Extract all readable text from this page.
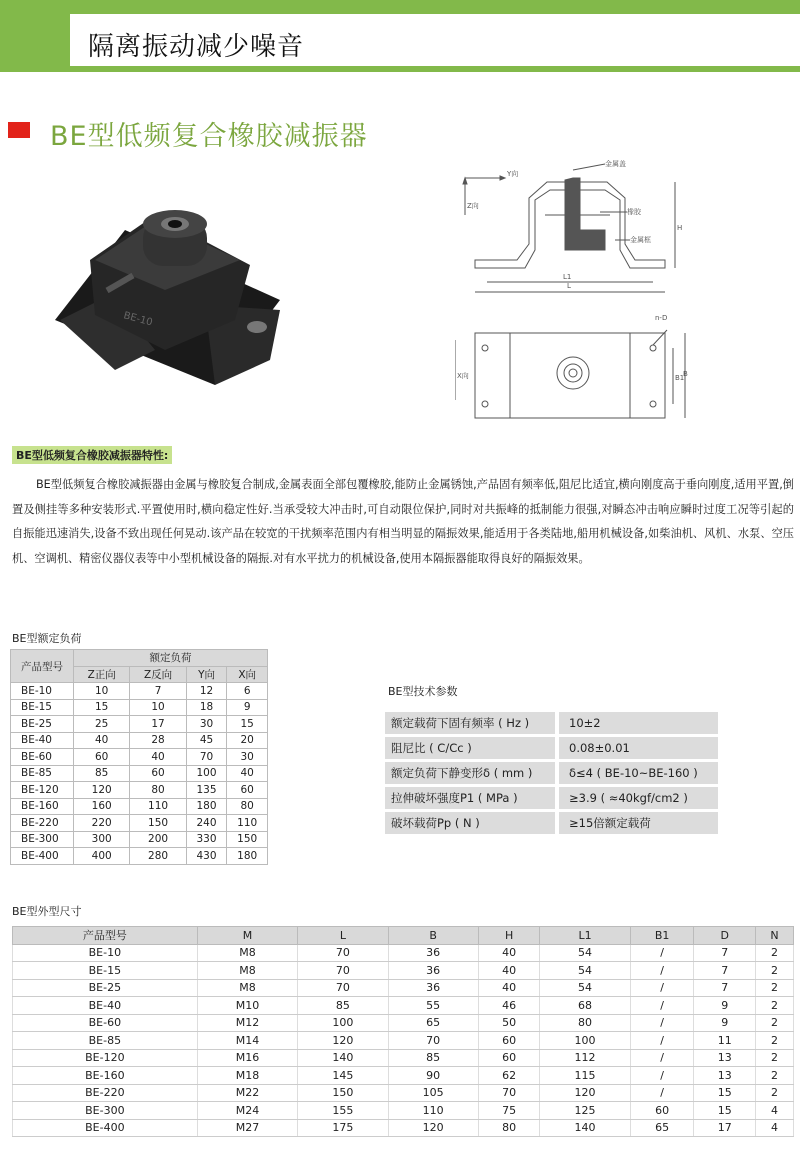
隔离振动减少噪音
BE型低频复合橡胶减振器
BE-10
Y向
Z向
金属盖
橡胶
金属框
L
L1
H
n-D
B1
B
X向
BE型低频复合橡胶减振器特性:

BE型低频复合橡胶减振器由金属与橡胶复合制成,金属表面全部包覆橡胶,能防止金属锈蚀,产品固有频率低,阻尼比适宜,横向刚度高于垂向刚度,适用平置,倒置及侧挂等多种安装形式.平置使用时,横向稳定性好.当承受较大冲击时,可自动限位保护,同时对共振峰的抵制能力很强,对瞬态冲击响应瞬时过度工况等引起的自振能迅速消失,设备不致出现任何晃动.该产品在较宽的干扰频率范围内有相当明显的隔振效果,能适用于各类陆地,船用机械设备,如柴油机、风机、水泵、空压机、空调机、精密仪器仪表等中小型机械设备的隔振.对有水平扰力的机械设备,使用本隔振器能取得良好的隔振效果。

BE型额定负荷
产品型号	额定负荷			
	Z正向	Z反向	Y向	X向
BE-10	10	7	12	6
BE-15	15	10	18	9
BE-25	25	17	30	15
BE-40	40	28	45	20
BE-60	60	40	70	30
BE-85	85	60	100	40
BE-120	120	80	135	60
BE-160	160	110	180	80
BE-220	220	150	240	110
BE-300	300	200	330	150
BE-400	400	280	430	180
BE型技术参数
额定载荷下固有频率 ( Hz )	10±2
阻尼比 ( C/Cc )	0.08±0.01
额定负荷下静变形δ ( mm )	δ≤4 ( BE-10~BE-160 )
拉伸破坏强度P1 ( MPa )	≥3.9 ( ≈40kgf/cm2 )
破坏载荷Pp ( N )	≥15倍额定载荷
BE型外型尺寸
产品型号	M	L	B	H	L1	B1	D	N
BE-10	M8	70	36	40	54	/	7	2
BE-15	M8	70	36	40	54	/	7	2
BE-25	M8	70	36	40	54	/	7	2
BE-40	M10	85	55	46	68	/	9	2
BE-60	M12	100	65	50	80	/	9	2
BE-85	M14	120	70	60	100	/	11	2
BE-120	M16	140	85	60	112	/	13	2
BE-160	M18	145	90	62	115	/	13	2
BE-220	M22	150	105	70	120	/	15	2
BE-300	M24	155	110	75	125	60	15	4
BE-400	M27	175	120	80	140	65	17	4
